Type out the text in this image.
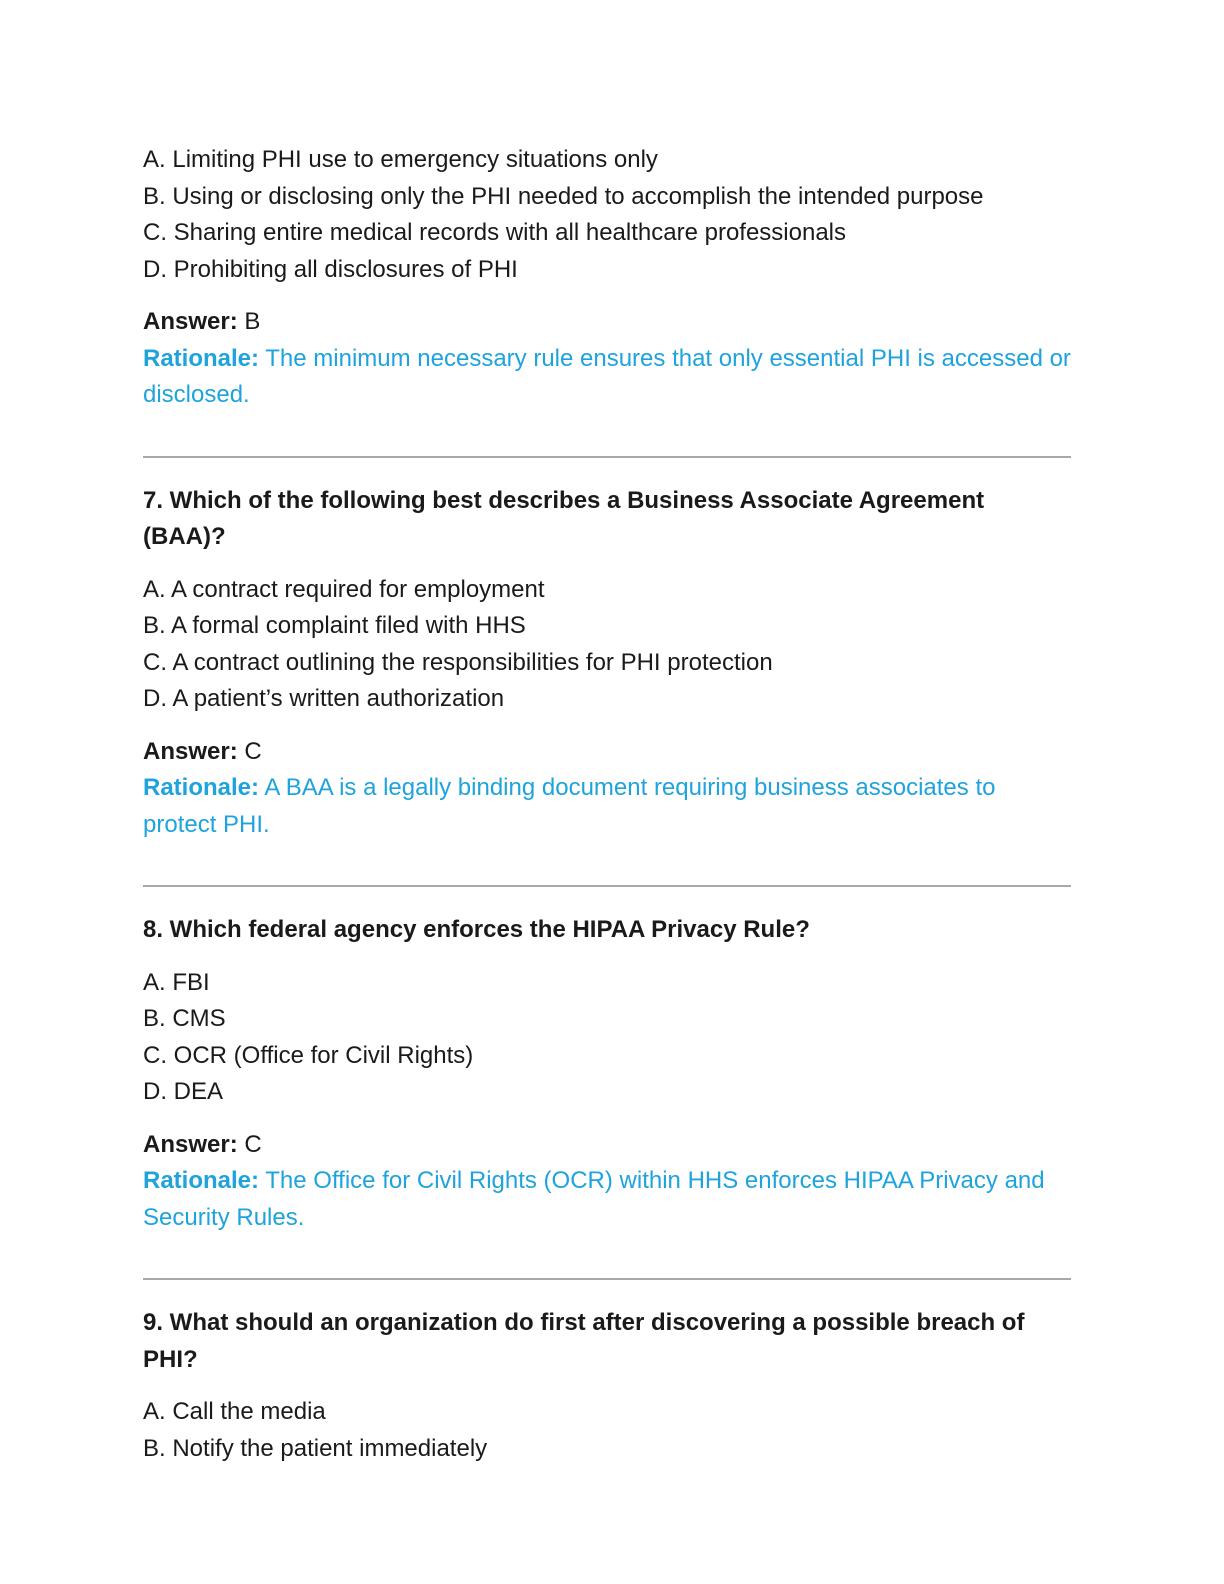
A. Limiting PHI use to emergency situations only
B. Using or disclosing only the PHI needed to accomplish the intended purpose
C. Sharing entire medical records with all healthcare professionals
D. Prohibiting all disclosures of PHI
Answer: B
Rationale: The minimum necessary rule ensures that only essential PHI is accessed or disclosed.
7. Which of the following best describes a Business Associate Agreement (BAA)?
A. A contract required for employment
B. A formal complaint filed with HHS
C. A contract outlining the responsibilities for PHI protection
D. A patient’s written authorization
Answer: C
Rationale: A BAA is a legally binding document requiring business associates to protect PHI.
8. Which federal agency enforces the HIPAA Privacy Rule?
A. FBI
B. CMS
C. OCR (Office for Civil Rights)
D. DEA
Answer: C
Rationale: The Office for Civil Rights (OCR) within HHS enforces HIPAA Privacy and Security Rules.
9. What should an organization do first after discovering a possible breach of PHI?
A. Call the media
B. Notify the patient immediately
